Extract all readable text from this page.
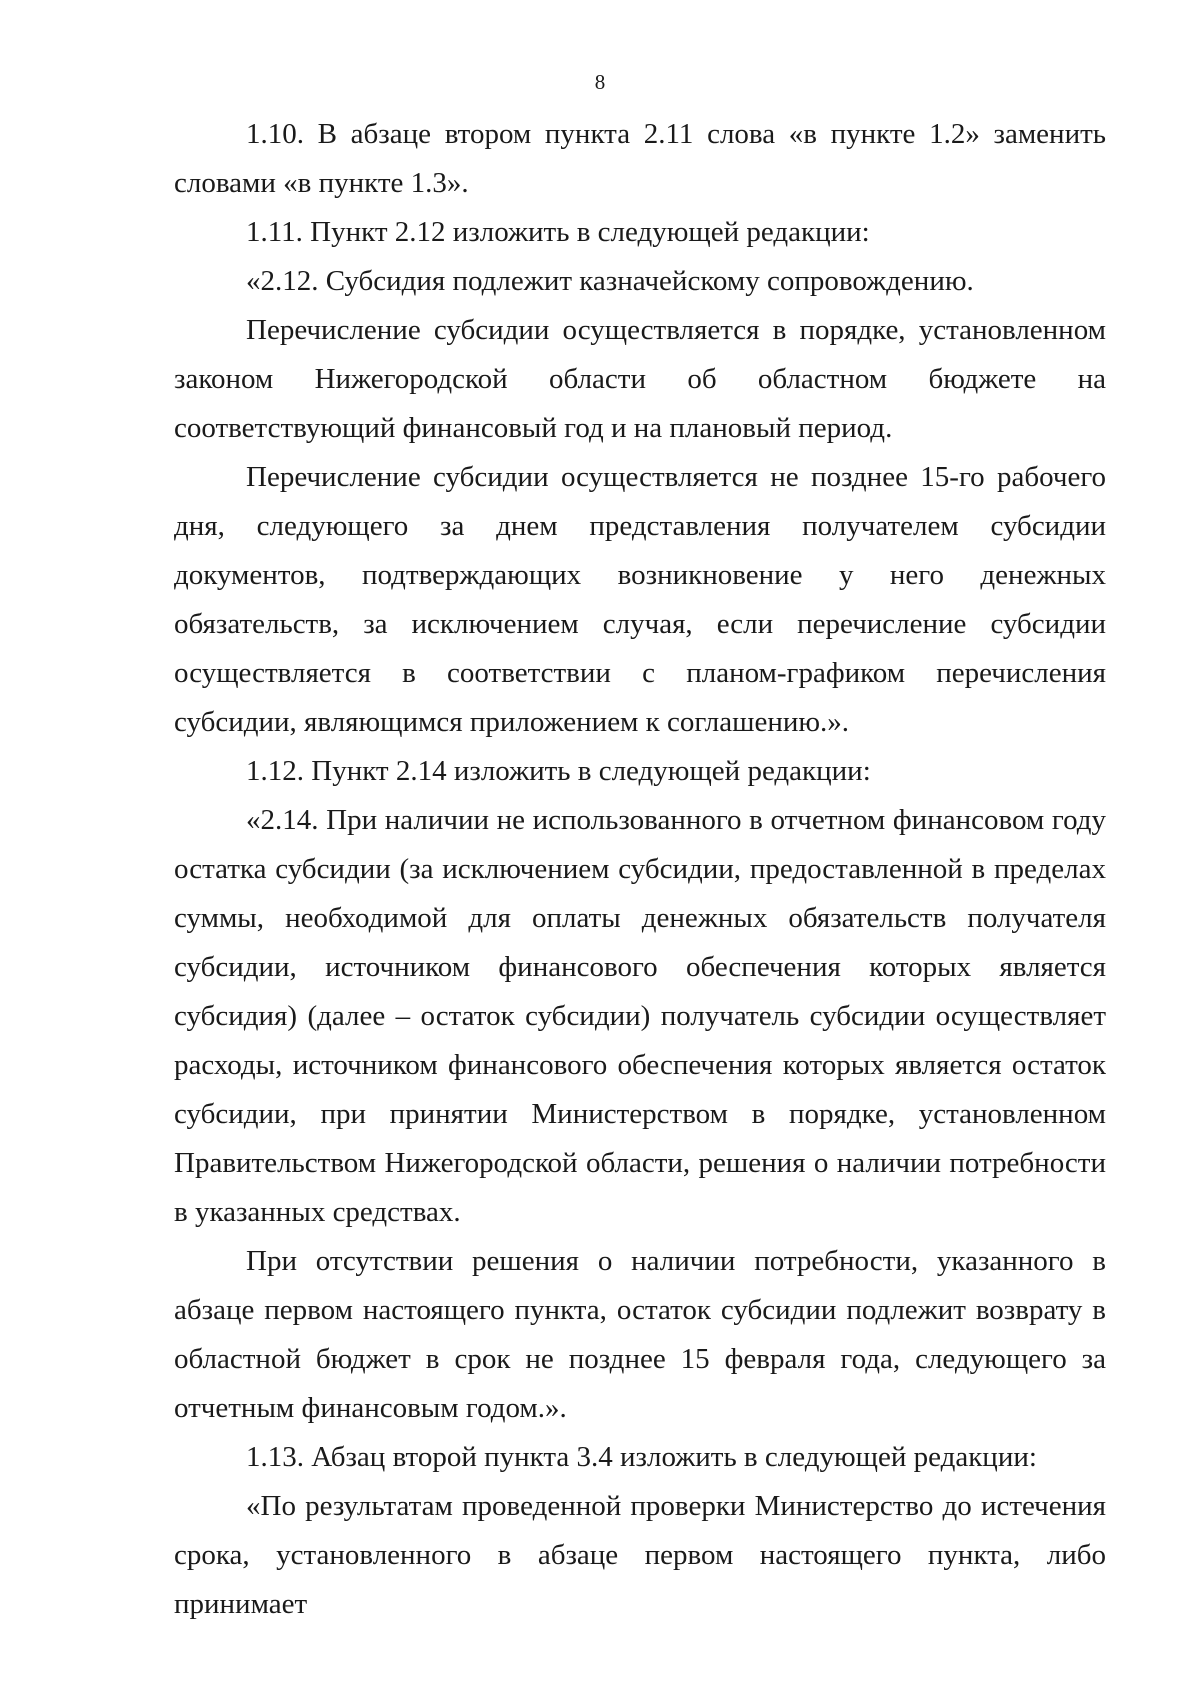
8

1.10. В абзаце втором пункта 2.11 слова «в пункте 1.2» заменить словами «в пункте 1.3».

1.11. Пункт 2.12 изложить в следующей редакции:

«2.12. Субсидия подлежит казначейскому сопровождению.

Перечисление субсидии осуществляется в порядке, установленном законом Нижегородской области об областном бюджете на соответствующий финансовый год и на плановый период.

Перечисление субсидии осуществляется не позднее 15-го рабочего дня, следующего за днем представления получателем субсидии документов, подтверждающих возникновение у него денежных обязательств, за исключением случая, если перечисление субсидии осуществляется в соответствии с планом-графиком перечисления субсидии, являющимся приложением к соглашению.».

1.12. Пункт 2.14 изложить в следующей редакции:

«2.14. При наличии не использованного в отчетном финансовом году остатка субсидии (за исключением субсидии, предоставленной в пределах суммы, необходимой для оплаты денежных обязательств получателя субсидии, источником финансового обеспечения которых является субсидия) (далее – остаток субсидии) получатель субсидии осуществляет расходы, источником финансового обеспечения которых является остаток субсидии, при принятии Министерством в порядке, установленном Правительством Нижегородской области, решения о наличии потребности в указанных средствах.

При отсутствии решения о наличии потребности, указанного в абзаце первом настоящего пункта, остаток субсидии подлежит возврату в областной бюджет в срок не позднее 15 февраля года, следующего за отчетным финансовым годом.».

1.13. Абзац второй пункта 3.4 изложить в следующей редакции:

«По результатам проведенной проверки Министерство до истечения срока, установленного в абзаце первом настоящего пункта, либо принимает
